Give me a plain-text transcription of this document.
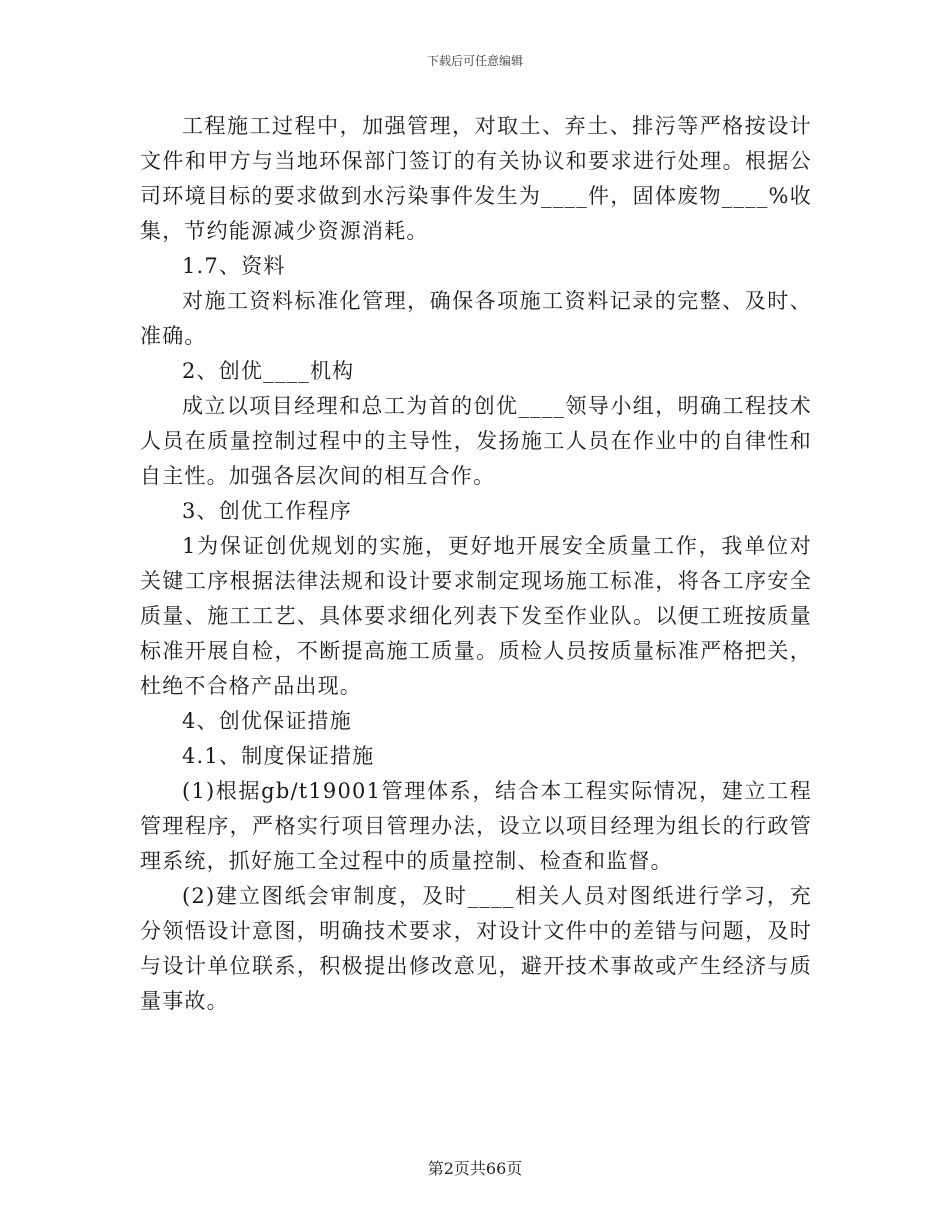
下载后可任意编辑

工程施工过程中，加强管理，对取土、弃土、排污等严格按设计文件和甲方与当地环保部门签订的有关协议和要求进行处理。根据公司环境目标的要求做到水污染事件发生为____件，固体废物____%收集，节约能源减少资源消耗。

1.7、资料

对施工资料标准化管理，确保各项施工资料记录的完整、及时、准确。

2、创优____机构

成立以项目经理和总工为首的创优____领导小组，明确工程技术人员在质量控制过程中的主导性，发扬施工人员在作业中的自律性和自主性。加强各层次间的相互合作。

3、创优工作程序

1为保证创优规划的实施，更好地开展安全质量工作，我单位对关键工序根据法律法规和设计要求制定现场施工标准，将各工序安全质量、施工工艺、具体要求细化列表下发至作业队。以便工班按质量标准开展自检，不断提高施工质量。质检人员按质量标准严格把关，杜绝不合格产品出现。

4、创优保证措施

4.1、制度保证措施

(1)根据gb/t19001管理体系，结合本工程实际情况，建立工程管理程序，严格实行项目管理办法，设立以项目经理为组长的行政管理系统，抓好施工全过程中的质量控制、检查和监督。

(2)建立图纸会审制度，及时____相关人员对图纸进行学习，充分领悟设计意图，明确技术要求，对设计文件中的差错与问题，及时与设计单位联系，积极提出修改意见，避开技术事故或产生经济与质量事故。

第2页共66页
